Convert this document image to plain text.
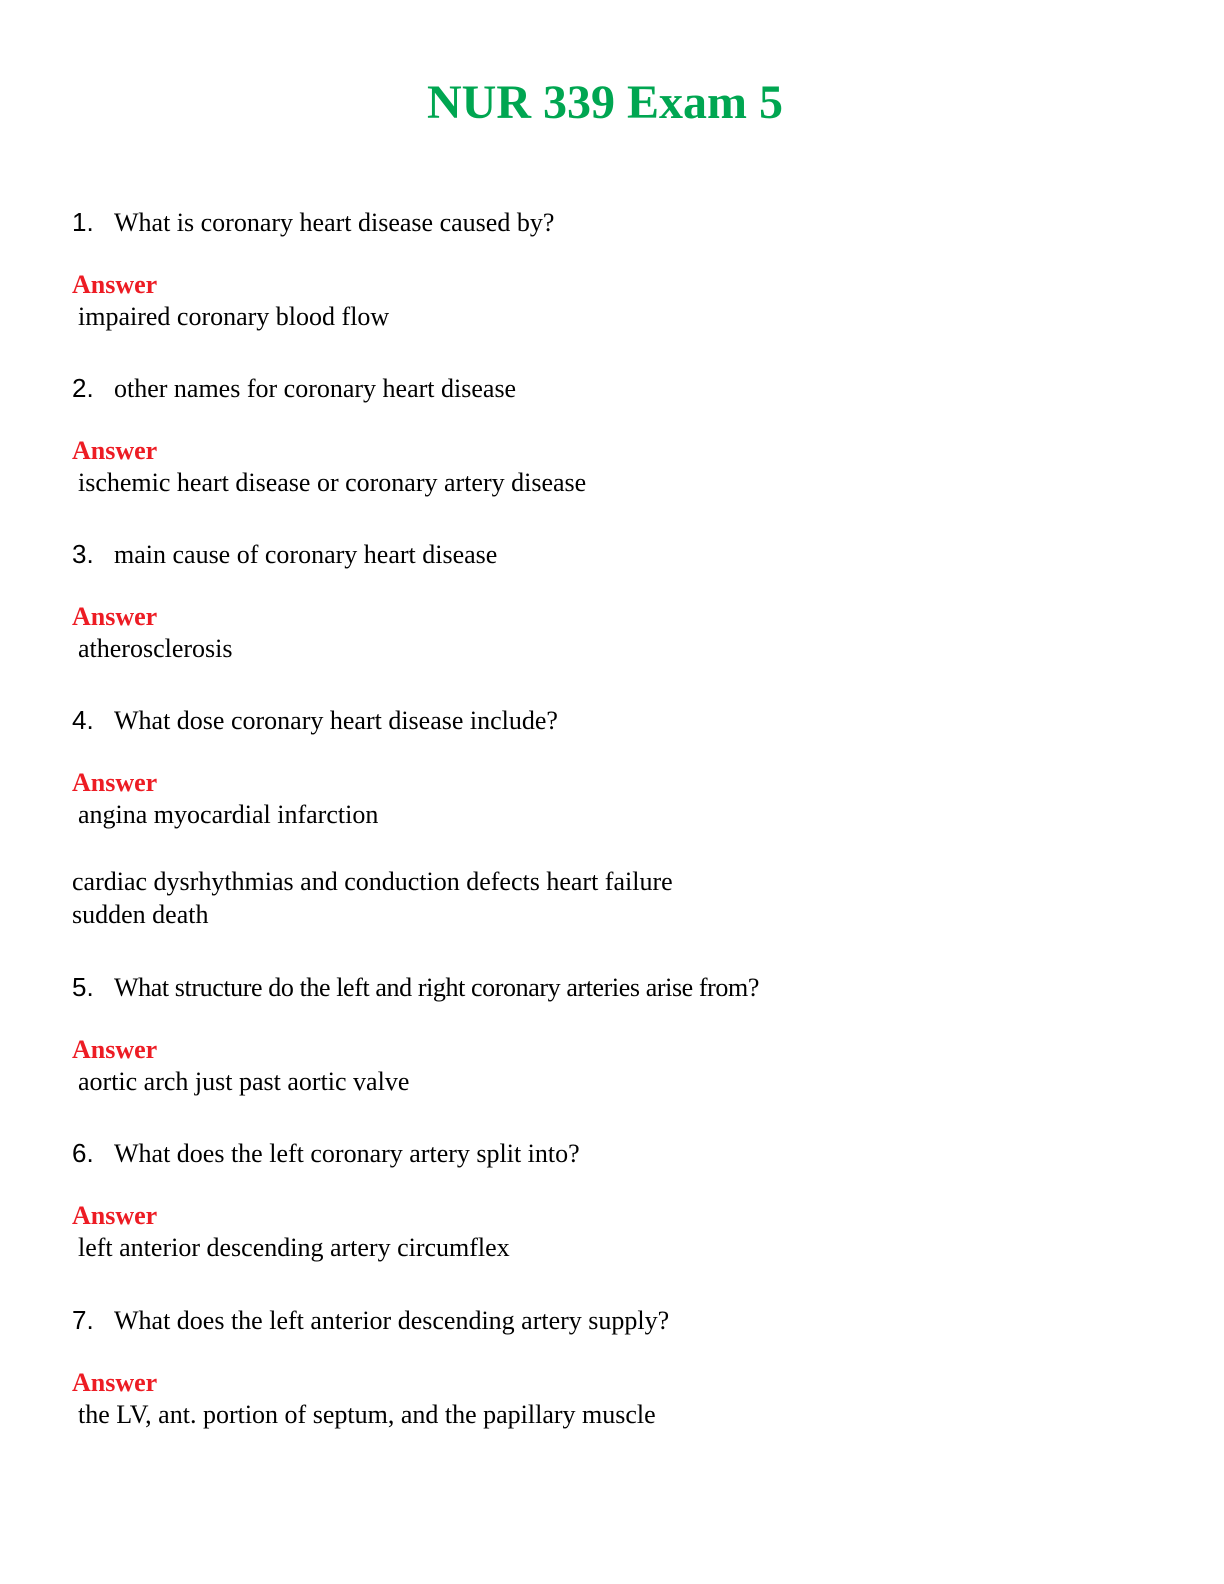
NUR 339 Exam 5
1. What is coronary heart disease caused by?
Answer
impaired coronary blood flow
2. other names for coronary heart disease
Answer
ischemic heart disease or coronary artery disease
3. main cause of coronary heart disease
Answer
atherosclerosis
4. What dose coronary heart disease include?
Answer
angina myocardial infarction
cardiac dysrhythmias and conduction defects heart failure
sudden death
5. What structure do the left and right coronary arteries arise from?
Answer
aortic arch just past aortic valve
6. What does the left coronary artery split into?
Answer
left anterior descending artery circumflex
7. What does the left anterior descending artery supply?
Answer
the LV, ant. portion of septum, and the papillary muscle
